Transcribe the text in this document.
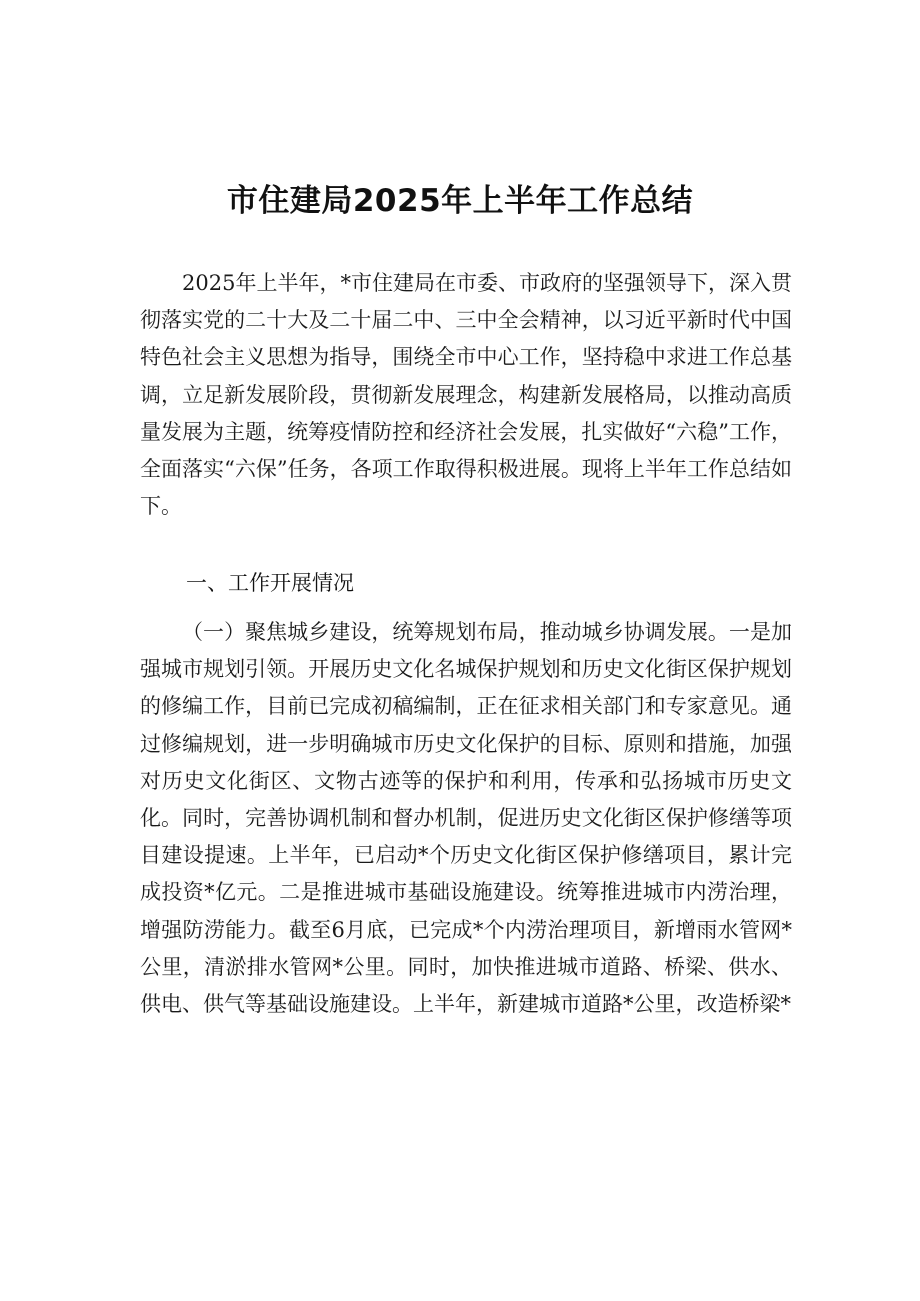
市住建局2025年上半年工作总结

2025年上半年，*市住建局在市委、市政府的坚强领导下，深入贯彻落实党的二十大及二十届二中、三中全会精神，以习近平新时代中国特色社会主义思想为指导，围绕全市中心工作，坚持稳中求进工作总基调，立足新发展阶段，贯彻新发展理念，构建新发展格局，以推动高质量发展为主题，统筹疫情防控和经济社会发展，扎实做好“六稳”工作，全面落实“六保”任务，各项工作取得积极进展。现将上半年工作总结如下。

一、工作开展情况

（一）聚焦城乡建设，统筹规划布局，推动城乡协调发展。一是加强城市规划引领。开展历史文化名城保护规划和历史文化街区保护规划的修编工作，目前已完成初稿编制，正在征求相关部门和专家意见。通过修编规划，进一步明确城市历史文化保护的目标、原则和措施，加强对历史文化街区、文物古迹等的保护和利用，传承和弘扬城市历史文化。同时，完善协调机制和督办机制，促进历史文化街区保护修缮等项目建设提速。上半年，已启动*个历史文化街区保护修缮项目，累计完成投资*亿元。二是推进城市基础设施建设。统筹推进城市内涝治理，增强防涝能力。截至6月底，已完成*个内涝治理项目，新增雨水管网*公里，清淤排水管网*公里。同时，加快推进城市道路、桥梁、供水、供电、供气等基础设施建设。上半年，新建城市道路*公里，改造桥梁*
